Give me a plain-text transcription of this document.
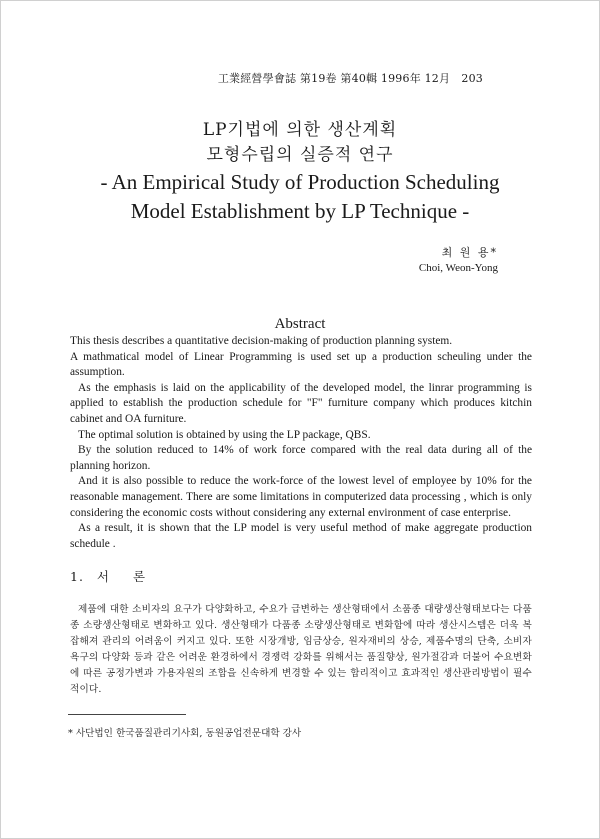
工業經營學會誌 第19卷 第40輯 1996年 12月　203
LP기법에 의한 생산계획
모형수립의 실증적 연구
- An Empirical Study of Production Scheduling
Model Establishment by LP Technique -
최 원 용*
Choi, Weon-Yong
Abstract

This thesis describes a quantitative decision-making of production planning system.

A mathmatical model of Linear Programming is used set up a production scheuling under the assumption.

As the emphasis is laid on the applicability of the developed model, the linrar programming is applied to establish the production schedule for "F" furniture company which produces kitchin cabinet and OA furniture.

The optimal solution is obtained by using the LP package, QBS.

By the solution reduced to 14% of work force compared with the real data during all of the planning horizon.

And it is also possible to reduce the work-force of the lowest level of employee by 10% for the reasonable management. There are some limitations in computerized data processing , which is only considering the economic costs without considering any external environment of case enterprise.

As a result, it is shown that the LP model is very useful method of make aggregate production schedule .

1. 서 론
제품에 대한 소비자의 요구가 다양화하고, 수요가 급변하는 생산형태에서 소품종 대량생산형태보다는 다품종 소량생산형태로 변화하고 있다. 생산형태가 다품종 소량생산형태로 변화함에 따라 생산시스템은 더욱 복잡해져 관리의 어려움이 커지고 있다. 또한 시장개방, 임금상승, 원자재비의 상승, 제품수명의 단축, 소비자욕구의 다양화 등과 같은 어려운 환경하에서 경쟁력 강화를 위해서는 품질향상, 원가절감과 더불어 수요변화에 따른 공정가변과 가용자원의 조합을 신속하게 변경할 수 있는 합리적이고 효과적인 생산관리방법이 필수적이다.
* 사단법인 한국품질관리기사회, 동원공업전문대학 강사
